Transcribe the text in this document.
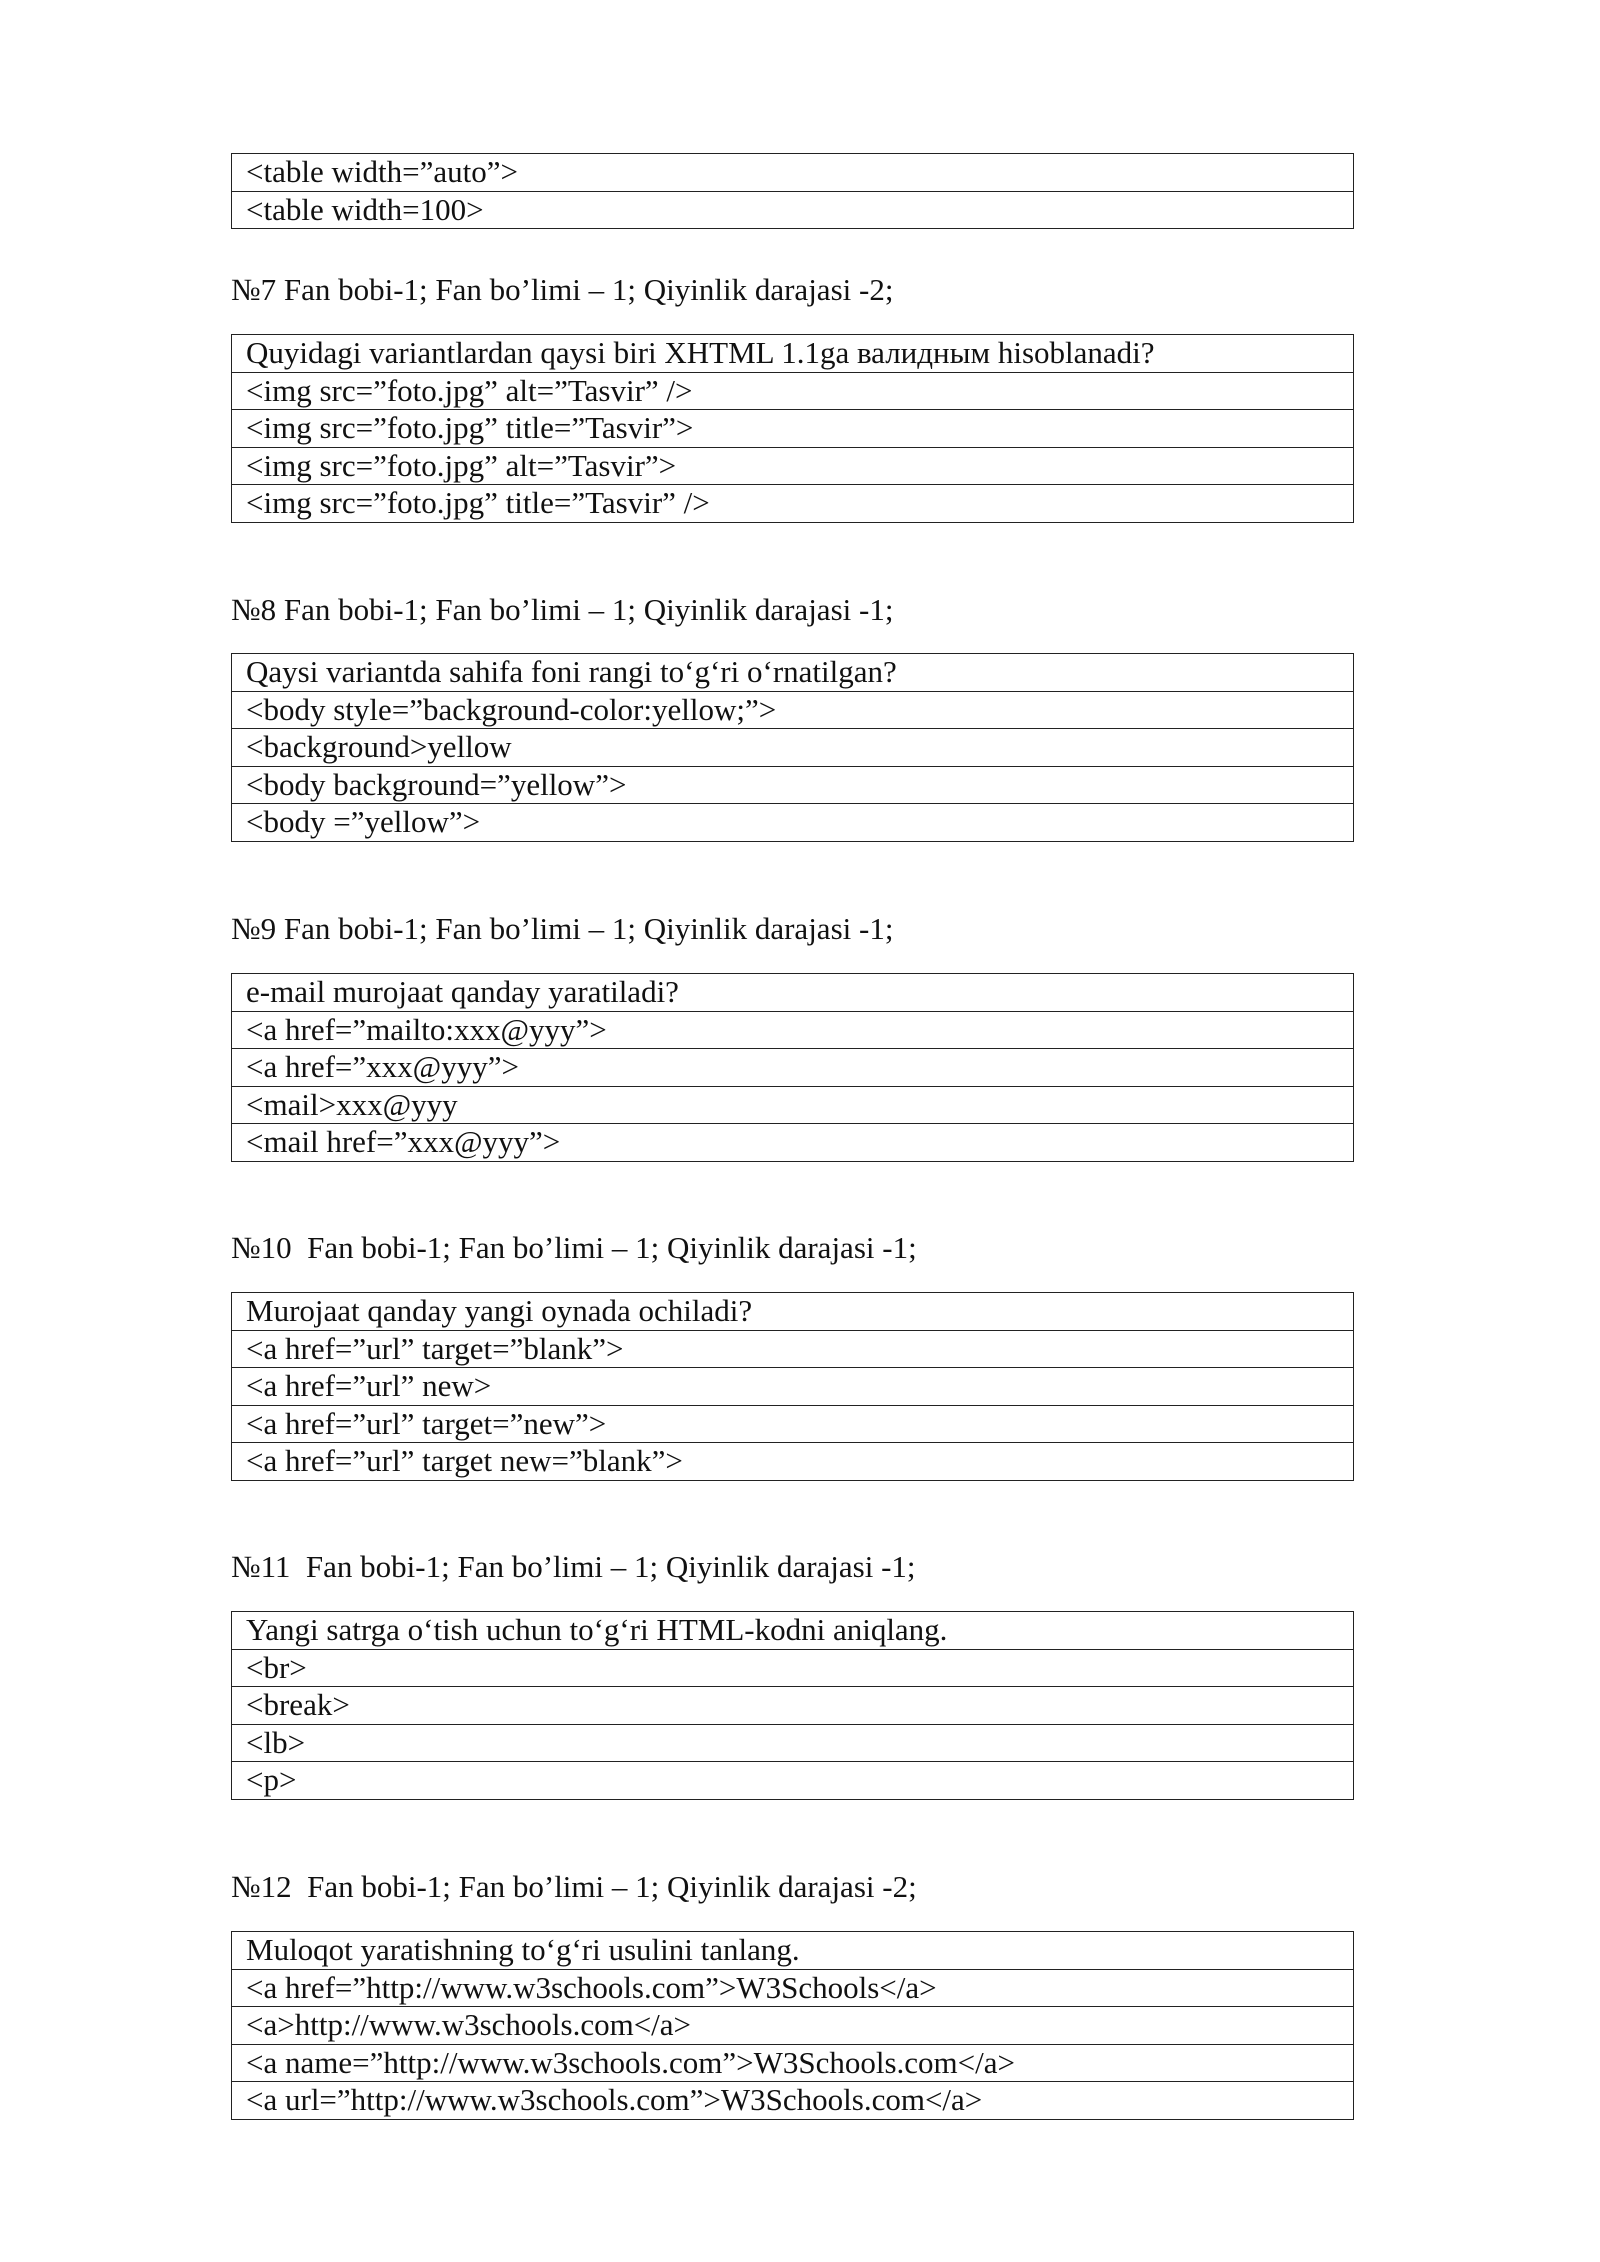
<table width=”auto”>
<table width=100>
№7 Fan bobi-1; Fan bo’limi – 1; Qiyinlik darajasi -2;
Quyidagi variantlardan qaysi biri XHTML 1.1ga валидным hisoblanadi?
<img src=”foto.jpg” alt=”Tasvir” />
<img src=”foto.jpg” title=”Tasvir”>
<img src=”foto.jpg” alt=”Tasvir”>
<img src=”foto.jpg” title=”Tasvir” />
№8 Fan bobi-1; Fan bo’limi – 1; Qiyinlik darajasi -1;
Qaysi variantda sahifa foni rangi to‘g‘ri o‘rnatilgan?
<body style=”background-color:yellow;”>
<background>yellow
<body background=”yellow”>
<body =”yellow”>
№9 Fan bobi-1; Fan bo’limi – 1; Qiyinlik darajasi -1;
e-mail murojaat qanday yaratiladi?
<a href=”mailto:xxx@yyy”>
<a href=”xxx@yyy”>
<mail>xxx@yyy
<mail href=”xxx@yyy”>
№10  Fan bobi-1; Fan bo’limi – 1; Qiyinlik darajasi -1;
Murojaat qanday yangi oynada ochiladi?
<a href=”url” target=”blank”>
<a href=”url” new>
<a href=”url” target=”new”>
<a href=”url” target new=”blank”>
№11  Fan bobi-1; Fan bo’limi – 1; Qiyinlik darajasi -1;
Yangi satrga o‘tish uchun to‘g‘ri HTML-kodni aniqlang.
<br>
<break>
<lb>
<p>
№12  Fan bobi-1; Fan bo’limi – 1; Qiyinlik darajasi -2;
Muloqot yaratishning to‘g‘ri usulini tanlang.
<a href=”http://www.w3schools.com”>W3Schools</a>
<a>http://www.w3schools.com</a>
<a name=”http://www.w3schools.com”>W3Schools.com</a>
<a url=”http://www.w3schools.com”>W3Schools.com</a>
